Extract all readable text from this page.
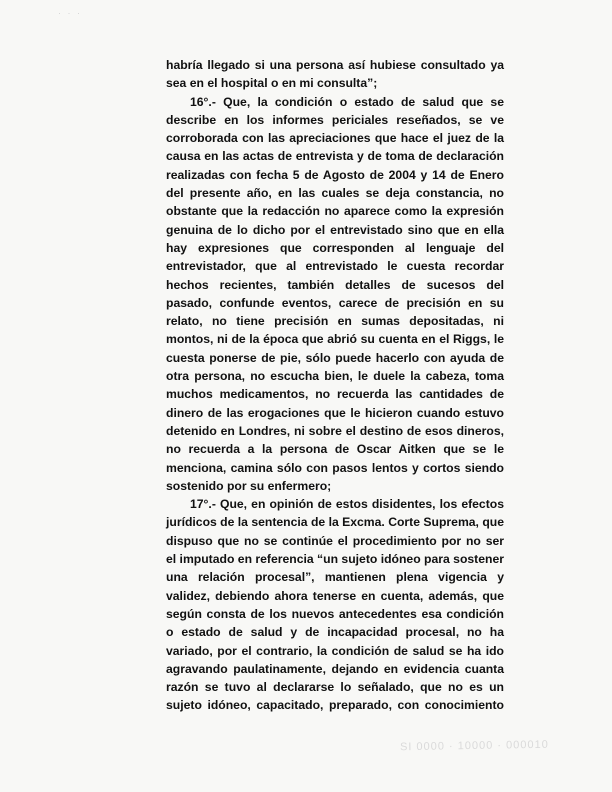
· · ·
habría llegado si una persona así hubiese consultado ya
sea en el hospital o en mi consulta”;
16°.- Que, la condición o estado de salud que se
describe en los informes periciales reseñados, se ve
corroborada con las apreciaciones que hace el juez de la
causa en las actas de entrevista y de toma de declaración
realizadas con fecha 5 de Agosto de 2004 y 14 de Enero
del presente año, en las cuales se deja constancia, no
obstante que la redacción no aparece como la expresión
genuina de lo dicho por el entrevistado sino que en ella
hay expresiones que corresponden al lenguaje del
entrevistador, que al entrevistado le cuesta recordar
hechos recientes, también detalles de sucesos del
pasado, confunde eventos, carece de precisión en su
relato, no tiene precisión en sumas depositadas, ni
montos, ni de la época que abrió su cuenta en el Riggs, le
cuesta ponerse de pie, sólo puede hacerlo con ayuda de
otra persona, no escucha bien, le duele la cabeza, toma
muchos medicamentos, no recuerda las cantidades de
dinero de las erogaciones que le hicieron cuando estuvo
detenido en Londres, ni sobre el destino de esos dineros,
no recuerda a la persona de Oscar Aitken que se le
menciona, camina sólo con pasos lentos y cortos siendo
sostenido por su enfermero;
17°.- Que, en opinión de estos disidentes, los efectos
jurídicos de la sentencia de la Excma. Corte Suprema, que
dispuso que no se continúe el procedimiento por no ser
el imputado en referencia “un sujeto idóneo para sostener
una relación procesal”, mantienen plena vigencia y
validez, debiendo ahora tenerse en cuenta, además, que
según consta de los nuevos antecedentes esa condición
o estado de salud y de incapacidad procesal, no ha
variado, por el contrario, la condición de salud se ha ido
agravando paulatinamente, dejando en evidencia cuanta
razón se tuvo al declararse lo señalado, que no es un
sujeto idóneo, capacitado, preparado, con conocimiento
SI 0000 · 10000 · 000010
